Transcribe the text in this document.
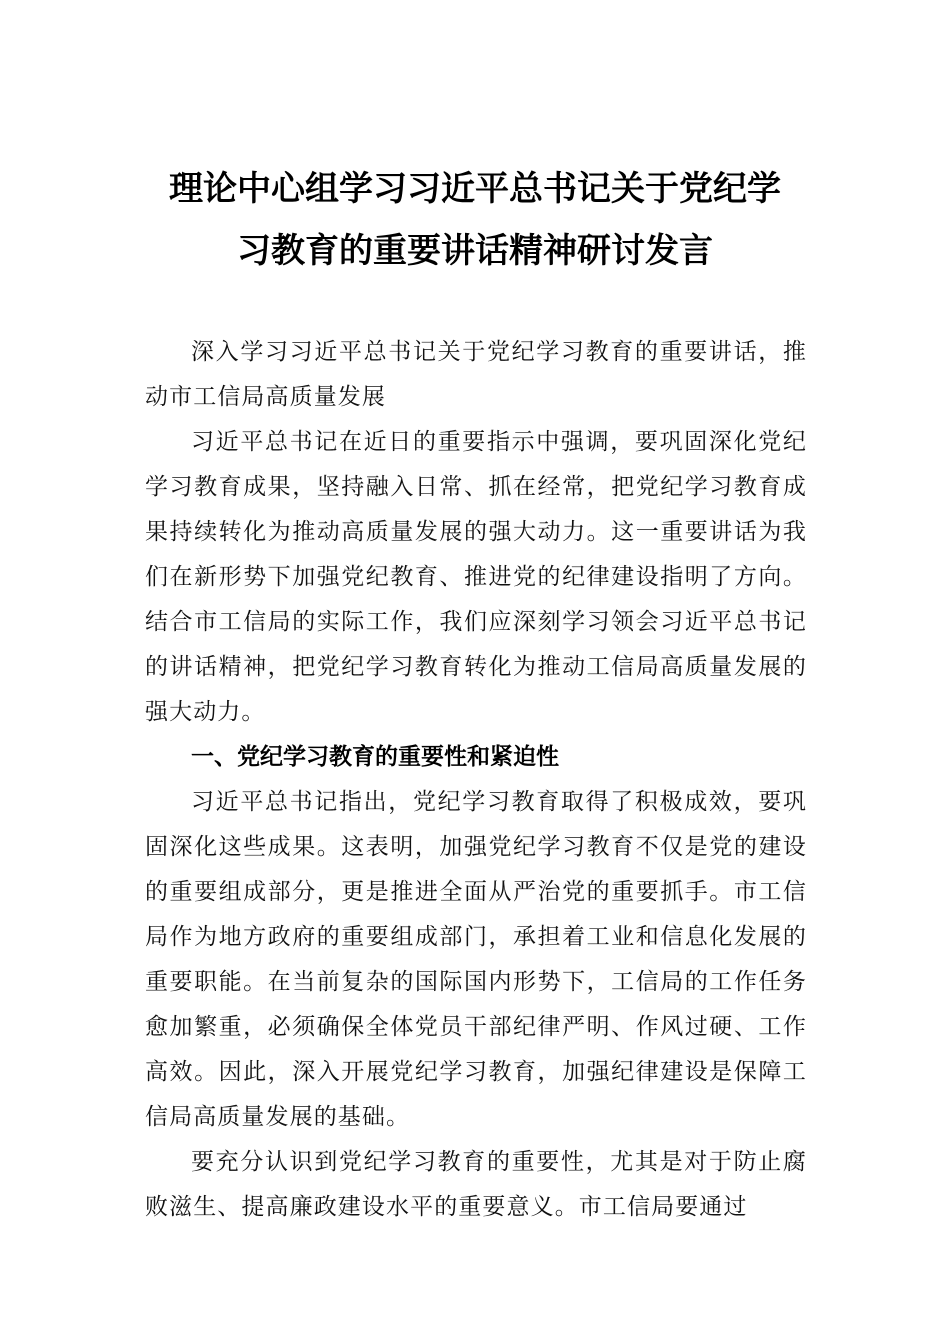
理论中心组学习习近平总书记关于党纪学
习教育的重要讲话精神研讨发言

深入学习习近平总书记关于党纪学习教育的重要讲话，推动市工信局高质量发展

习近平总书记在近日的重要指示中强调，要巩固深化党纪学习教育成果，坚持融入日常、抓在经常，把党纪学习教育成果持续转化为推动高质量发展的强大动力。这一重要讲话为我们在新形势下加强党纪教育、推进党的纪律建设指明了方向。结合市工信局的实际工作，我们应深刻学习领会习近平总书记的讲话精神，把党纪学习教育转化为推动工信局高质量发展的强大动力。

一、党纪学习教育的重要性和紧迫性

习近平总书记指出，党纪学习教育取得了积极成效，要巩固深化这些成果。这表明，加强党纪学习教育不仅是党的建设的重要组成部分，更是推进全面从严治党的重要抓手。市工信局作为地方政府的重要组成部门，承担着工业和信息化发展的重要职能。在当前复杂的国际国内形势下，工信局的工作任务愈加繁重，必须确保全体党员干部纪律严明、作风过硬、工作高效。因此，深入开展党纪学习教育，加强纪律建设是保障工信局高质量发展的基础。

要充分认识到党纪学习教育的重要性，尤其是对于防止腐败滋生、提高廉政建设水平的重要意义。市工信局要通过
